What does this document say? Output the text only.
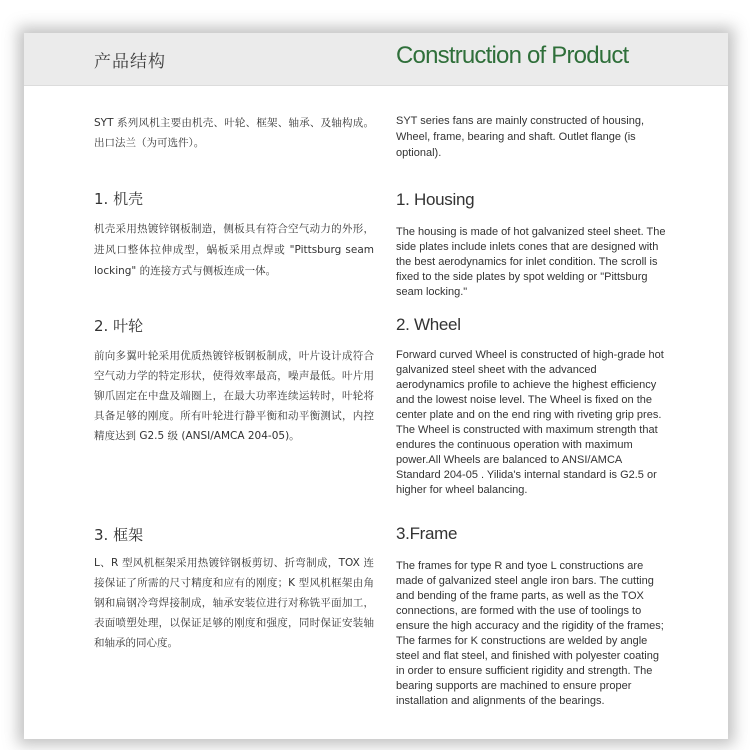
产品结构	Construction of Product

SYT 系列风机主要由机壳、叶轮、框架、轴承、及轴构成。出口法兰（为可选件）。

SYT series fans are mainly constructed of housing, Wheel, frame, bearing and shaft. Outlet flange (is optional).

1. 机壳

机壳采用热镀锌钢板制造，侧板具有符合空气动力的外形，进风口整体拉伸成型，蜗板采用点焊或 "Pittsburg seam locking" 的连接方式与侧板连成一体。

1. Housing

The housing is made of hot galvanized steel sheet. The side plates include inlets cones that are designed with the best aerodynamics for inlet condition. The scroll is fixed to the side plates by spot welding or "Pittsburg seam locking."

2. 叶轮

前向多翼叶轮采用优质热镀锌板钢板制成，叶片设计成符合空气动力学的特定形状，使得效率最高，噪声最低。叶片用铆爪固定在中盘及端圈上，在最大功率连续运转时，叶轮将具备足够的刚度。所有叶轮进行静平衡和动平衡测试，内控精度达到 G2.5 级 (ANSI/AMCA 204-05)。

2. Wheel

Forward curved Wheel is constructed of high-grade hot galvanized steel sheet with the advanced aerodynamics profile to achieve the highest efficiency and the lowest noise level. The Wheel is fixed on the center plate and on the end ring with riveting grip pres. The Wheel is constructed with maximum strength that endures the continuous operation with maximum power.All Wheels are balanced to ANSI/AMCA Standard 204-05 . Yilida's internal standard is G2.5 or higher for wheel balancing.

3. 框架

L、R 型风机框架采用热镀锌钢板剪切、折弯制成，TOX 连接保证了所需的尺寸精度和应有的刚度；K 型风机框架由角钢和扁钢冷弯焊接制成，轴承安装位进行对称铣平面加工，表面喷塑处理，以保证足够的刚度和强度，同时保证安装轴和轴承的同心度。

3.Frame

The frames for type R and tyoe L constructions are made of galvanized steel angle iron bars. The cutting and bending of the frame parts, as well as the TOX connections, are formed with the use of toolings to ensure the high accuracy and the rigidity of the frames; The farmes for K constructions are welded by angle steel and flat steel, and finished with polyester coating in order to ensure sufficient rigidity and strength. The bearing supports are machined to ensure proper installation and alignments of the bearings.
